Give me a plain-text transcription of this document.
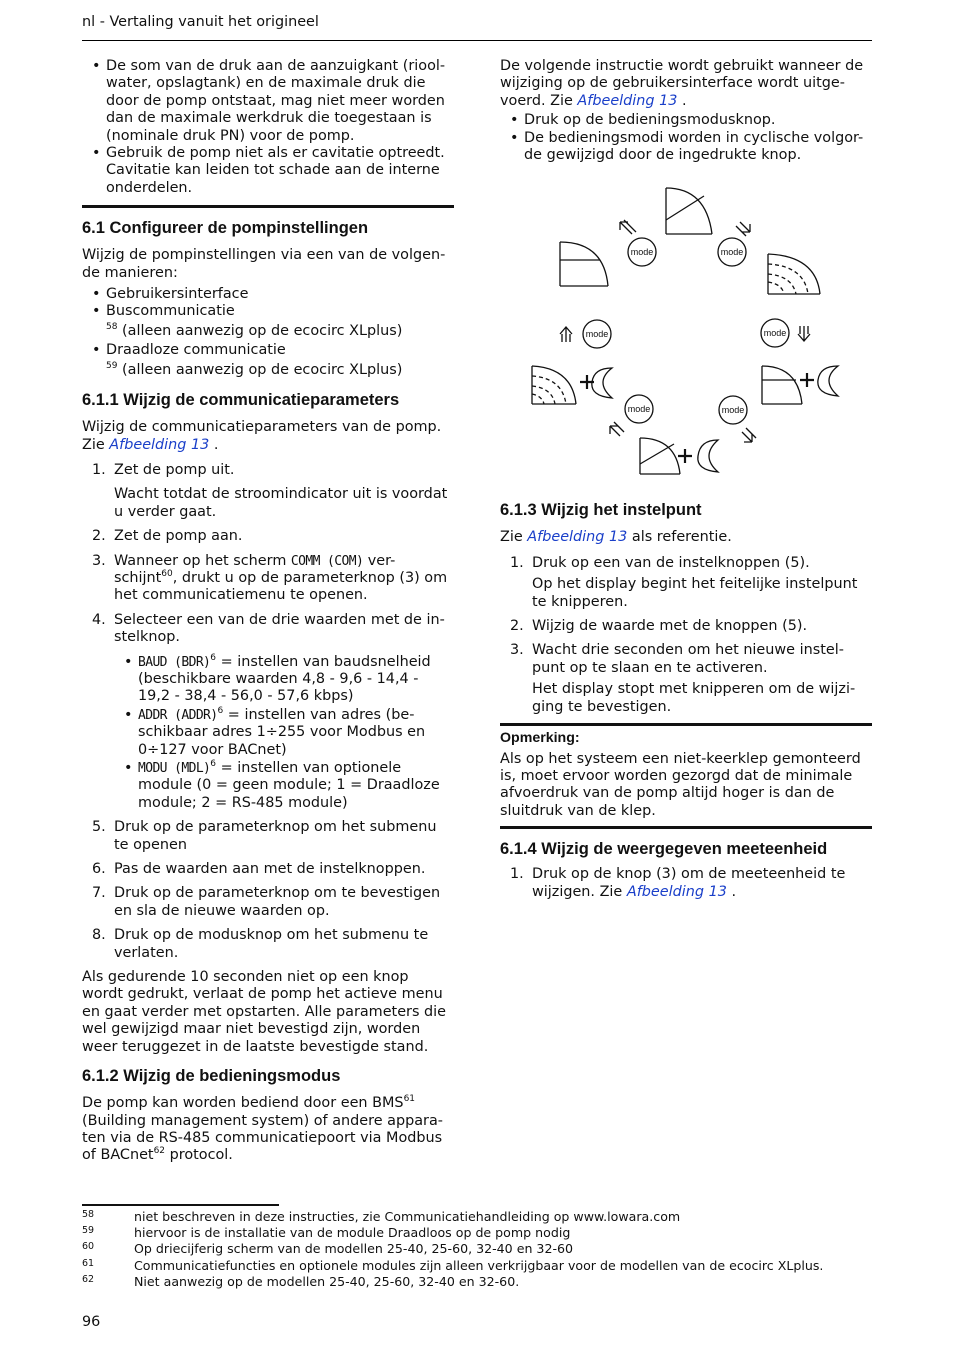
nl - Vertaling vanuit het origineel
• De som van de druk aan de aanzuigkant (riool-water, opslagtank) en de maximale druk die door de pomp ontstaat, mag niet meer worden dan de maximale werkdruk die toegestaan is (nominale druk PN) voor de pomp.
• Gebruik de pomp niet als er cavitatie optreedt. Cavitatie kan leiden tot schade aan de interne onderdelen.
6.1 Configureer de pompinstellingen

Wijzig de pompinstellingen via een van de volgen-de manieren:

• Gebruikersinterface
• Buscommunicatie
$^{58}$ (alleen aanwezig op de ecocirc XLplus)
• Draadloze communicatie
$^{59}$ (alleen aanwezig op de ecocirc XLplus)
6.1.1 Wijzig de communicatieparameters

Wijzig de communicatieparameters van de pomp. Zie Afbeelding 13 .

1. Zet de pomp uit.
Wacht totdat de stroomindicator uit is voordat u verder gaat.
2. Zet de pomp aan.
3. Wanneer op het scherm COMM (COM) ver-schijnt$^{60}$, drukt u op de parameterknop (3) om het communicatiemenu te openen.
4. Selecteer een van de drie waarden met de in-stelknop.
• BAUD (BDR)$^6$ = instellen van baudsnelheid (beschikbare waarden 4,8 - 9,6 - 14,4 - 19,2 - 38,4 - 56,0 - 57,6 kbps)
• ADDR (ADDR)$^6$ = instellen van adres (be-schikbaar adres 1÷255 voor Modbus en 0÷127 voor BACnet)
• MODU (MDL)$^6$ = instellen van optionele module (0 = geen module; 1 = Draadloze module; 2 = RS-485 module)
5. Druk op de parameterknop om het submenu te openen
6. Pas de waarden aan met de instelknoppen.
7. Druk op de parameterknop om te bevestigen en sla de nieuwe waarden op.
8. Druk op de modusknop om het submenu te verlaten.

Als gedurende 10 seconden niet op een knop wordt gedrukt, verlaat de pomp het actieve menu en gaat verder met opstarten. Alle parameters die wel gewijzigd maar niet bevestigd zijn, worden weer teruggezet in de laatste bevestigde stand.

6.1.2 Wijzig de bedieningsmodus

De pomp kan worden bediend door een BMS$^{61}$ (Building management system) of andere appara-ten via de RS-485 communicatiepoort via Modbus of BACnet$^{62}$ protocol.

De volgende instructie wordt gebruikt wanneer de wijziging op de gebruikersinterface wordt uitge-voerd. Zie Afbeelding 13 .

• Druk op de bedieningsmodusknop.
• De bedieningsmodi worden in cyclische volgor-de gewijzigd door de ingedrukte knop.
6.1.3 Wijzig het instelpunt

Zie Afbeelding 13 als referentie.

1. Druk op een van de instelknoppen (5).
Op het display begint het feitelijke instelpunt te knipperen.
2. Wijzig de waarde met de knoppen (5).
3. Wacht drie seconden om het nieuwe instel-punt op te slaan en te activeren.
Het display stopt met knipperen om de wijzi-ging te bevestigen.
Opmerking:

Als op het systeem een niet-keerklep gemonteerd is, moet ervoor worden gezorgd dat de minimale afvoerdruk van de pomp altijd hoger is dan de sluitdruk van de klep.

6.1.4 Wijzig de weergegeven meeteenheid
1. Druk op de knop (3) om de meeteenheid te wijzigen. Zie Afbeelding 13 .
mode	mode
mode	mode
mode	mode
58	niet beschreven in deze instructies, zie Communicatiehandleiding op www.lowara.com
59	hiervoor is de installatie van de module Draadloos op de pomp nodig
60	Op driecijferig scherm van de modellen 25-40, 25-60, 32-40 en 32-60
61	Communicatiefuncties en optionele modules zijn alleen verkrijgbaar voor de modellen van de ecocirc XLplus.
62	Niet aanwezig op de modellen 25-40, 25-60, 32-40 en 32-60.
96
